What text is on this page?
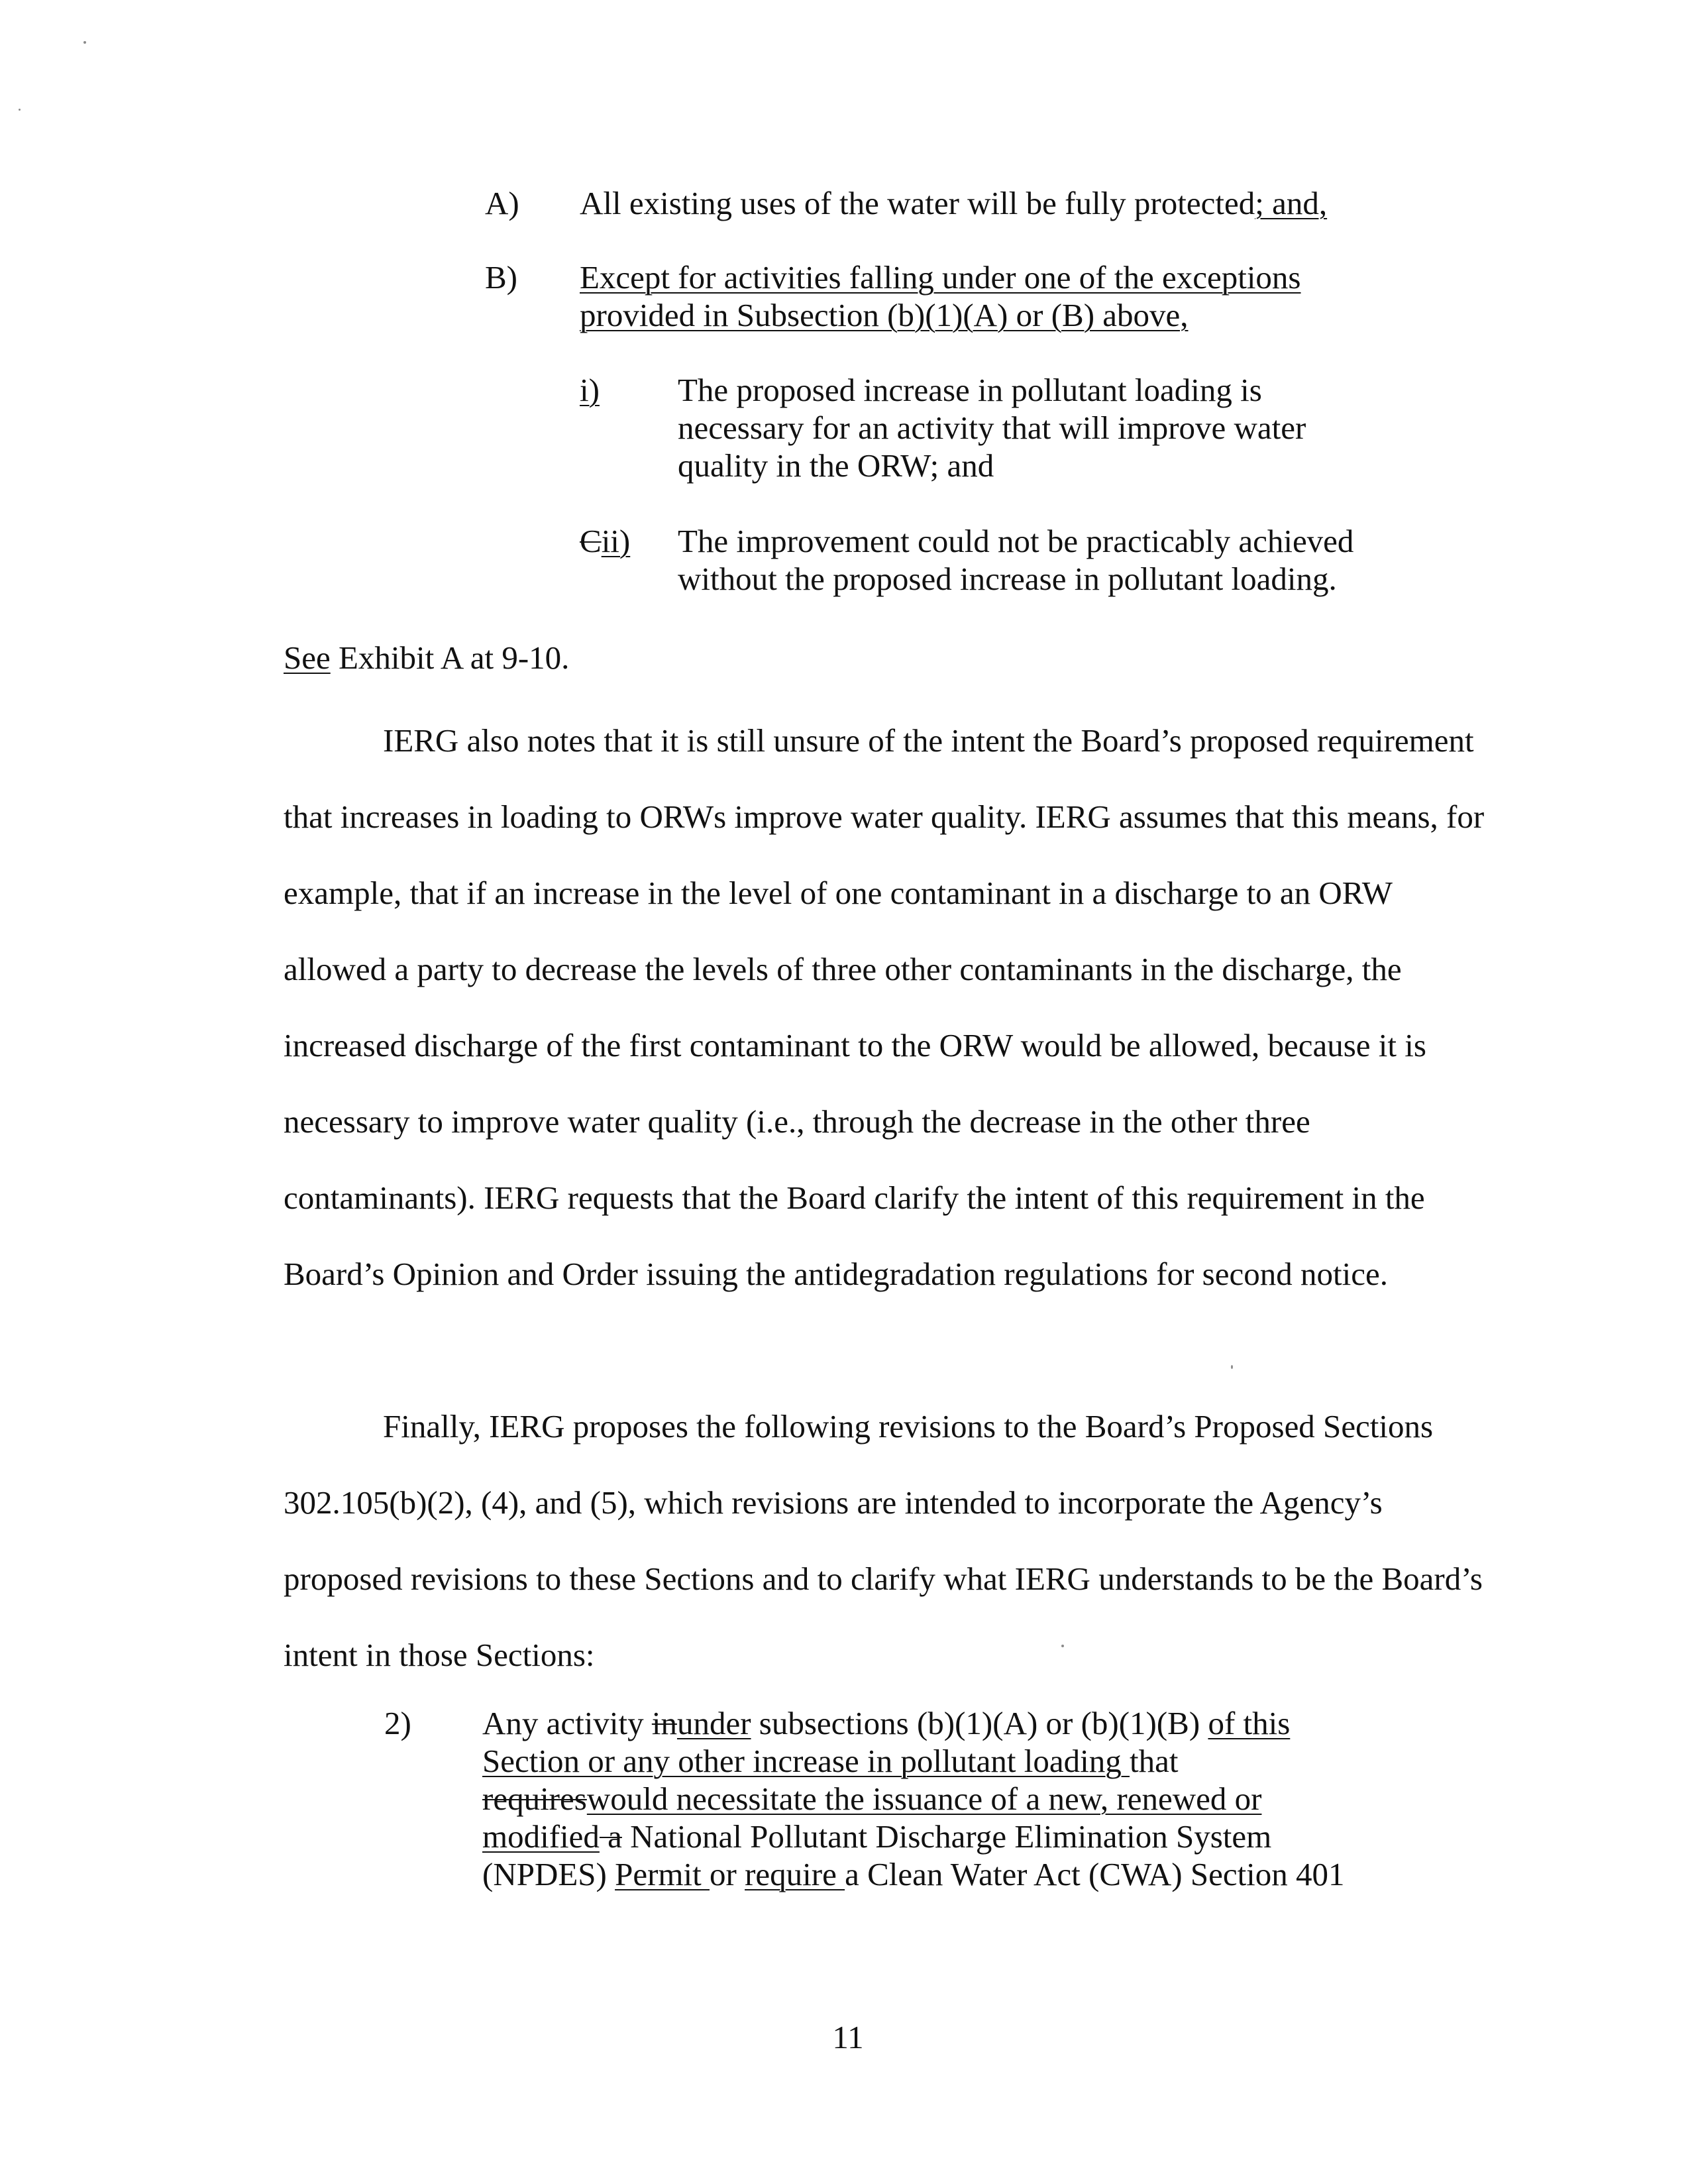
A) All existing uses of the water will be fully protected; and,
B) Except for activities falling under one of the exceptions
provided in Subsection (b)(1)(A) or (B) above,
i) The proposed increase in pollutant loading is
necessary for an activity that will improve water
quality in the ORW; and
Cii) The improvement could not be practicably achieved
without the proposed increase in pollutant loading.
See Exhibit A at 9-10.
IERG also notes that it is still unsure of the intent the Board’s proposed requirement that increases in loading to ORWs improve water quality. IERG assumes that this means, for example, that if an increase in the level of one contaminant in a discharge to an ORW allowed a party to decrease the levels of three other contaminants in the discharge, the increased discharge of the first contaminant to the ORW would be allowed, because it is necessary to improve water quality (i.e., through the decrease in the other three contaminants). IERG requests that the Board clarify the intent of this requirement in the Board’s Opinion and Order issuing the antidegradation regulations for second notice.
Finally, IERG proposes the following revisions to the Board’s Proposed Sections 302.105(b)(2), (4), and (5), which revisions are intended to incorporate the Agency’s proposed revisions to these Sections and to clarify what IERG understands to be the Board’s intent in those Sections:
2) Any activity inunder subsections (b)(1)(A) or (b)(1)(B) of this
Section or any other increase in pollutant loading that
requireswould necessitate the issuance of a new, renewed or
modified a National Pollutant Discharge Elimination System
(NPDES) Permit or require a Clean Water Act (CWA) Section 401
11
